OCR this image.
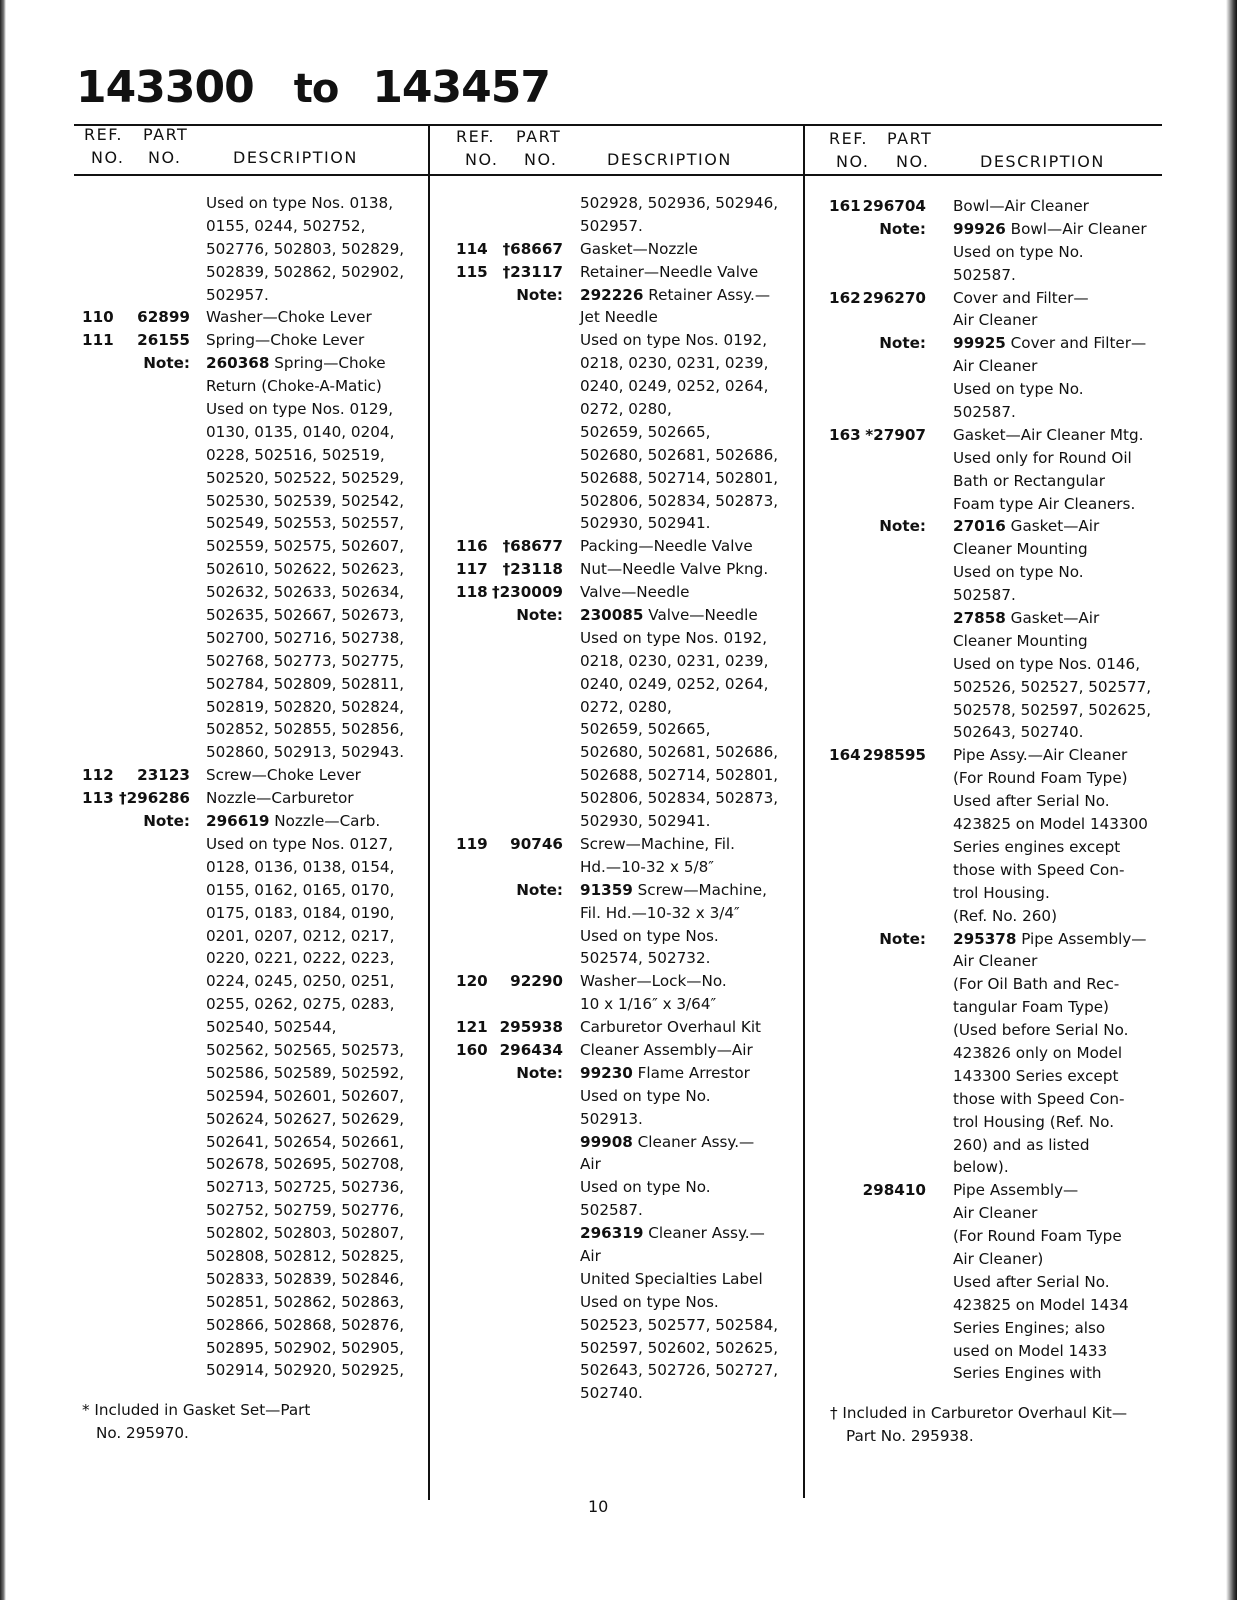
143300 to 143457
REF.
NO.
PART
NO.	DESCRIPTION
REF.
NO.
PART
NO.	DESCRIPTION
REF.
NO.
PART
NO.	DESCRIPTION
Used on type Nos. 0138,
0155, 0244, 502752,
502776, 502803, 502829,
502839, 502862, 502902,
502957.
110 62899 Washer—Choke Lever
111 26155 Spring—Choke Lever
Note: 260368 Spring—Choke
Return (Choke-A-Matic)
Used on type Nos. 0129,
0130, 0135, 0140, 0204,
0228, 502516, 502519,
502520, 502522, 502529,
502530, 502539, 502542,
502549, 502553, 502557,
502559, 502575, 502607,
502610, 502622, 502623,
502632, 502633, 502634,
502635, 502667, 502673,
502700, 502716, 502738,
502768, 502773, 502775,
502784, 502809, 502811,
502819, 502820, 502824,
502852, 502855, 502856,
502860, 502913, 502943.
112 23123 Screw—Choke Lever
113 †296286 Nozzle—Carburetor
Note: 296619 Nozzle—Carb.
Used on type Nos. 0127,
0128, 0136, 0138, 0154,
0155, 0162, 0165, 0170,
0175, 0183, 0184, 0190,
0201, 0207, 0212, 0217,
0220, 0221, 0222, 0223,
0224, 0245, 0250, 0251,
0255, 0262, 0275, 0283,
502540, 502544,
502562, 502565, 502573,
502586, 502589, 502592,
502594, 502601, 502607,
502624, 502627, 502629,
502641, 502654, 502661,
502678, 502695, 502708,
502713, 502725, 502736,
502752, 502759, 502776,
502802, 502803, 502807,
502808, 502812, 502825,
502833, 502839, 502846,
502851, 502862, 502863,
502866, 502868, 502876,
502895, 502902, 502905,
502914, 502920, 502925,
502928, 502936, 502946,
502957.
114 †68667 Gasket—Nozzle
115 †23117 Retainer—Needle Valve
Note: 292226 Retainer Assy.—
Jet Needle
Used on type Nos. 0192,
0218, 0230, 0231, 0239,
0240, 0249, 0252, 0264,
0272, 0280,
502659, 502665,
502680, 502681, 502686,
502688, 502714, 502801,
502806, 502834, 502873,
502930, 502941.
116 †68677 Packing—Needle Valve
117 †23118 Nut—Needle Valve Pkng.
118 †230009 Valve—Needle
Note: 230085 Valve—Needle
Used on type Nos. 0192,
0218, 0230, 0231, 0239,
0240, 0249, 0252, 0264,
0272, 0280,
502659, 502665,
502680, 502681, 502686,
502688, 502714, 502801,
502806, 502834, 502873,
502930, 502941.
119 90746 Screw—Machine, Fil.
Hd.—10-32 x 5/8″
Note: 91359 Screw—Machine,
Fil. Hd.—10-32 x 3/4″
Used on type Nos.
502574, 502732.
120 92290 Washer—Lock—No.
10 x 1/16″ x 3/64″
121 295938 Carburetor Overhaul Kit
160 296434 Cleaner Assembly—Air
Note: 99230 Flame Arrestor
Used on type No.
502913.
99908 Cleaner Assy.—
Air
Used on type No.
502587.
296319 Cleaner Assy.—
Air
United Specialties Label
Used on type Nos.
502523, 502577, 502584,
502597, 502602, 502625,
502643, 502726, 502727,
502740.
161 296704 Bowl—Air Cleaner
Note: 99926 Bowl—Air Cleaner
Used on type No.
502587.
162 296270 Cover and Filter—
Air Cleaner
Note: 99925 Cover and Filter—
Air Cleaner
Used on type No.
502587.
163 *27907 Gasket—Air Cleaner Mtg.
Used only for Round Oil
Bath or Rectangular
Foam type Air Cleaners.
Note: 27016 Gasket—Air
Cleaner Mounting
Used on type No.
502587.
27858 Gasket—Air
Cleaner Mounting
Used on type Nos. 0146,
502526, 502527, 502577,
502578, 502597, 502625,
502643, 502740.
164 298595 Pipe Assy.—Air Cleaner
(For Round Foam Type)
Used after Serial No.
423825 on Model 143300
Series engines except
those with Speed Con-
trol Housing.
(Ref. No. 260)
Note: 295378 Pipe Assembly—
Air Cleaner
(For Oil Bath and Rec-
tangular Foam Type)
(Used before Serial No.
423826 only on Model
143300 Series except
those with Speed Con-
trol Housing (Ref. No.
260) and as listed
below).
298410 Pipe Assembly—
Air Cleaner
(For Round Foam Type
Air Cleaner)
Used after Serial No.
423825 on Model 1434
Series Engines; also
used on Model 1433
Series Engines with
* Included in Gasket Set—Part
No. 295970.
† Included in Carburetor Overhaul Kit—
Part No. 295938.
10
